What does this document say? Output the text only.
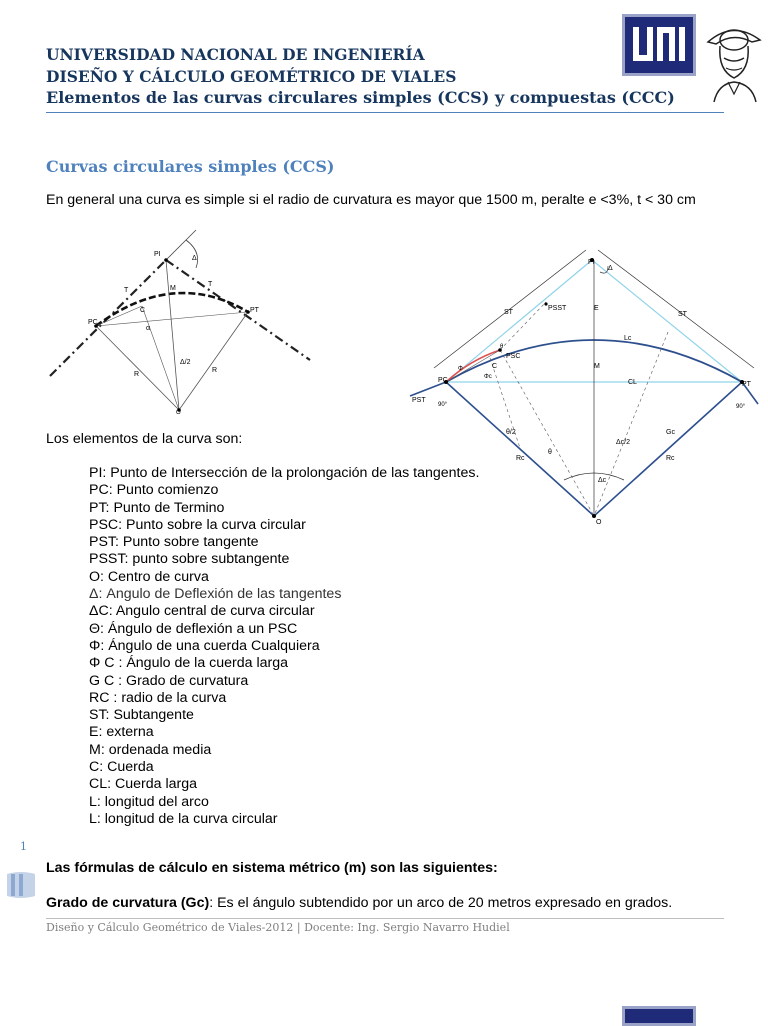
UNIVERSIDAD NACIONAL DE INGENIERÍA
DISEÑO Y CÁLCULO GEOMÉTRICO DE VIALES
Elementos de las curvas circulares simples (CCS) y compuestas (CCC)
Curvas circulares simples (CCS)
En general una curva es simple si el radio de curvatura es mayor que 1500 m, peralte e <3%, t < 30 cm
PI
Δ
T
T
M
C
PC
PT
α
Δ/2
R
R
O
PI
Δ
ST	ST
PSST	E
Lc
θ
PSC
C
Φ
Φc
M
CL
PC
PT
PST
90°	90°
θ/2	Gc
Δc/2
θ
Rc	Rc
Δc
O
Los elementos de la curva son:
PI: Punto de Intersección de la prolongación de las tangentes.
PC: Punto comienzo
PT: Punto de Termino
PSC: Punto sobre la curva circular
PST: Punto sobre tangente
PSST: punto sobre subtangente
O: Centro de curva
Δ: Angulo de Deflexión de las tangentes
ΔC: Angulo central de curva circular
Θ: Ángulo de deflexión a un PSC
Φ: Ángulo de una cuerda Cualquiera
Φ C : Ángulo de la cuerda larga
G C : Grado de curvatura
RC : radio de la curva
ST: Subtangente
E: externa
M: ordenada media
C: Cuerda
CL: Cuerda larga
L: longitud del arco
L: longitud de la curva circular
1
Las fórmulas de cálculo en sistema métrico (m) son las siguientes:
Grado de curvatura (Gc): Es el ángulo subtendido por un arco de 20 metros expresado en grados.
Diseño y Cálculo Geométrico de Viales-2012 | Docente: Ing. Sergio Navarro Hudiel
